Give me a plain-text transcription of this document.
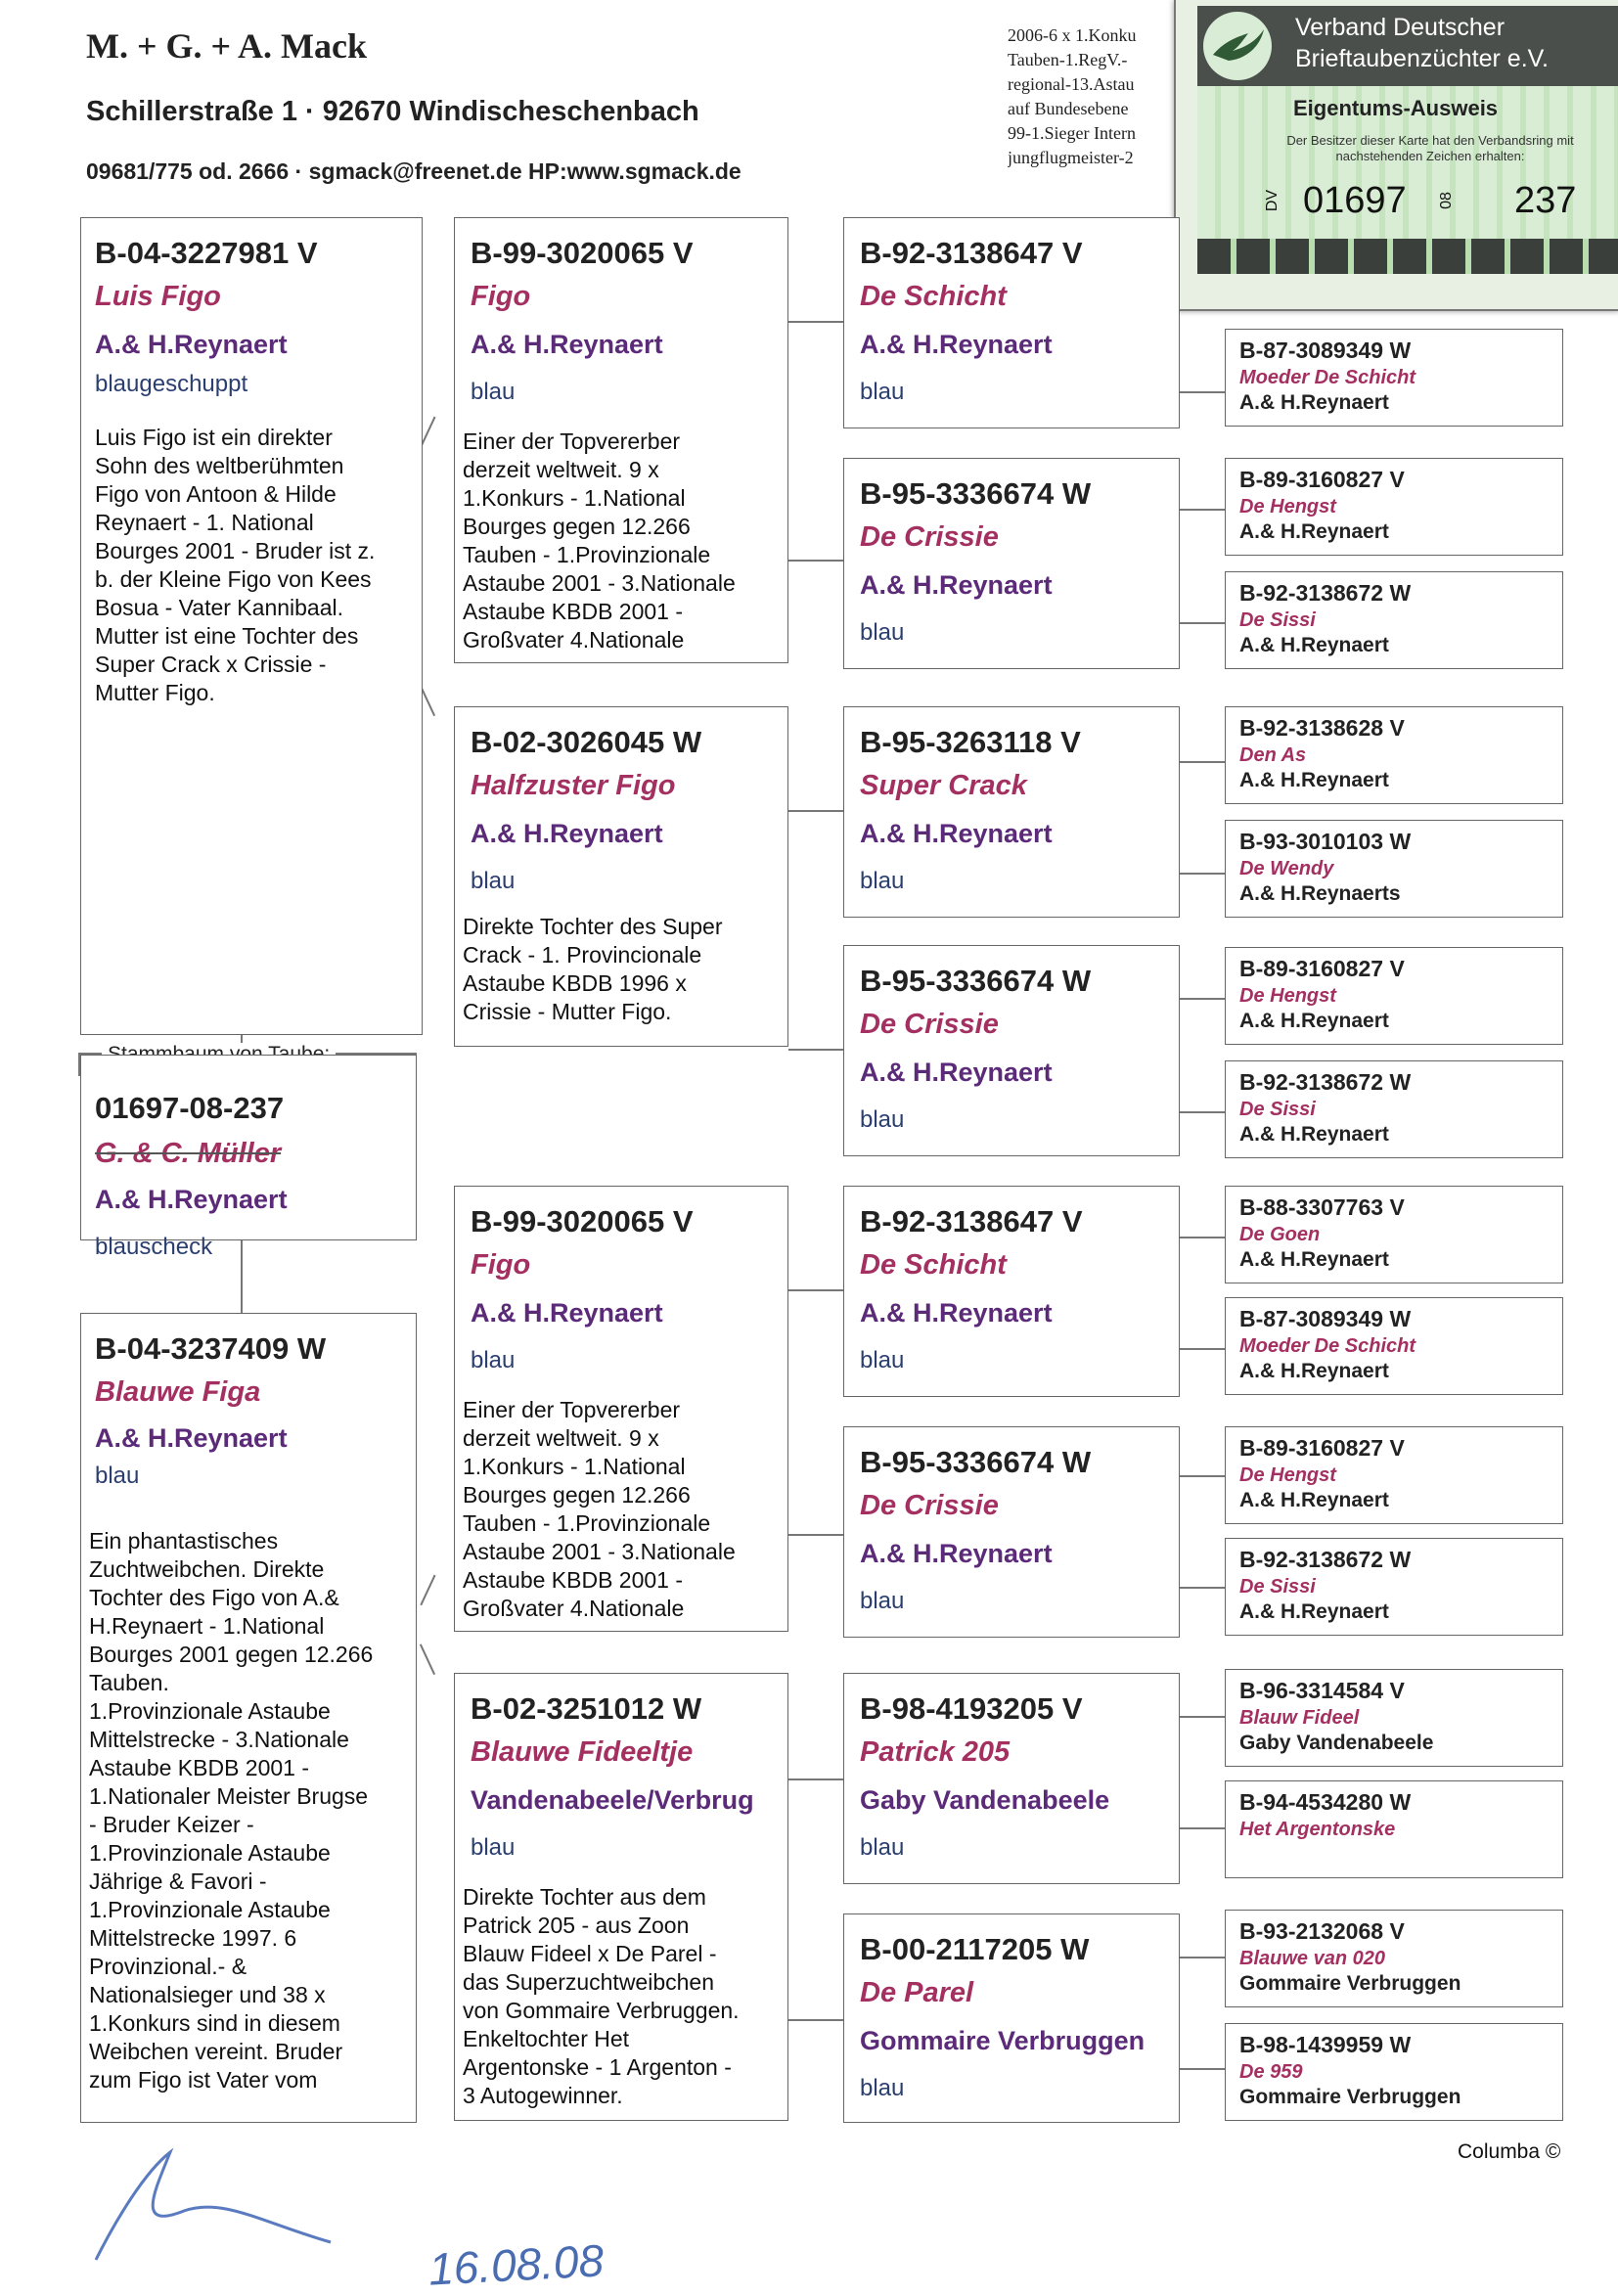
M. + G. + A. Mack
Schillerstraße 1 · 92670 Windischeschenbach
09681/775 od. 2666 · sgmack@freenet.de HP:www.sgmack.de
2006-6 x 1.Konku
Tauben-1.RegV.-
regional-13.Astau
auf Bundesebene
99-1.Sieger Intern
jungflugmeister-2
Verband Deutscher
Brieftaubenzüchter e.V.
Eigentums-Ausweis
Der Besitzer dieser Karte hat den Verbandsring mit nachstehenden Zeichen erhalten:
DV 01697 08 237
B-04-3227981 V
Luis Figo
A.& H.Reynaert
blaugeschuppt
Luis Figo ist ein direkter
Sohn des weltberühmten
Figo von Antoon & Hilde
Reynaert - 1. National
Bourges 2001 - Bruder ist z.
b. der Kleine Figo von Kees
Bosua - Vater Kannibaal.
Mutter ist eine Tochter des
Super Crack x Crissie -
Mutter Figo.
01697-08-237
G. & C. Müller
A.& H.Reynaert
blauscheck
B-04-3237409 W
Blauwe Figa
A.& H.Reynaert
blau
Ein phantastisches
Zuchtweibchen. Direkte
Tochter des Figo von A.&
H.Reynaert - 1.National
Bourges 2001 gegen 12.266
Tauben.
1.Provinzionale Astaube
Mittelstrecke - 3.Nationale
Astaube KBDB 2001 -
1.Nationaler Meister Brugse
- Bruder Keizer -
1.Provinzionale Astaube
Jährige & Favori -
1.Provinzionale Astaube
Mittelstrecke 1997. 6
Provinzional.- &
Nationalsieger und 38 x
1.Konkurs sind in diesem
Weibchen vereint. Bruder
zum Figo ist Vater vom
B-99-3020065 V
Figo
A.& H.Reynaert
blau
Einer der Topvererber
derzeit weltweit. 9 x
1.Konkurs - 1.National
Bourges gegen 12.266
Tauben - 1.Provinzionale
Astaube 2001 - 3.Nationale
Astaube KBDB 2001 -
Großvater 4.Nationale
B-02-3026045 W
Halfzuster Figo
A.& H.Reynaert
blau
Direkte Tochter des Super
Crack - 1. Provincionale
Astaube KBDB 1996 x
Crissie - Mutter Figo.
B-99-3020065 V
Figo
A.& H.Reynaert
blau
Einer der Topvererber
derzeit weltweit. 9 x
1.Konkurs - 1.National
Bourges gegen 12.266
Tauben - 1.Provinzionale
Astaube 2001 - 3.Nationale
Astaube KBDB 2001 -
Großvater 4.Nationale
B-02-3251012 W
Blauwe Fideeltje
Vandenabeele/Verbrug
blau
Direkte Tochter aus dem
Patrick 205 - aus Zoon
Blauw Fideel x De Parel -
das Superzuchtweibchen
von Gommaire Verbruggen.
Enkeltochter Het
Argentonske - 1 Argenton -
3 Autogewinner.
B-92-3138647 V
De Schicht
A.& H.Reynaert
blau
B-95-3336674 W
De Crissie
A.& H.Reynaert
blau
B-95-3263118 V
Super Crack
A.& H.Reynaert
blau
B-95-3336674 W
De Crissie
A.& H.Reynaert
blau
B-92-3138647 V
De Schicht
A.& H.Reynaert
blau
B-95-3336674 W
De Crissie
A.& H.Reynaert
blau
B-98-4193205 V
Patrick 205
Gaby Vandenabeele
blau
B-00-2117205 W
De Parel
Gommaire Verbruggen
blau
B-87-3089349 W
Moeder De Schicht
A.& H.Reynaert
B-89-3160827 V
De Hengst
A.& H.Reynaert
B-92-3138672 W
De Sissi
A.& H.Reynaert
B-92-3138628 V
Den As
A.& H.Reynaert
B-93-3010103 W
De Wendy
A.& H.Reynaerts
B-89-3160827 V
De Hengst
A.& H.Reynaert
B-92-3138672 W
De Sissi
A.& H.Reynaert
B-88-3307763 V
De Goen
A.& H.Reynaert
B-87-3089349 W
Moeder De Schicht
A.& H.Reynaert
B-89-3160827 V
De Hengst
A.& H.Reynaert
B-92-3138672 W
De Sissi
A.& H.Reynaert
B-96-3314584 V
Blauw Fideel
Gaby Vandenabeele
B-94-4534280 W
Het Argentonske
B-93-2132068 V
Blauwe van 020
Gommaire Verbruggen
B-98-1439959 W
De 959
Gommaire Verbruggen
Columba ©
16.08.08
